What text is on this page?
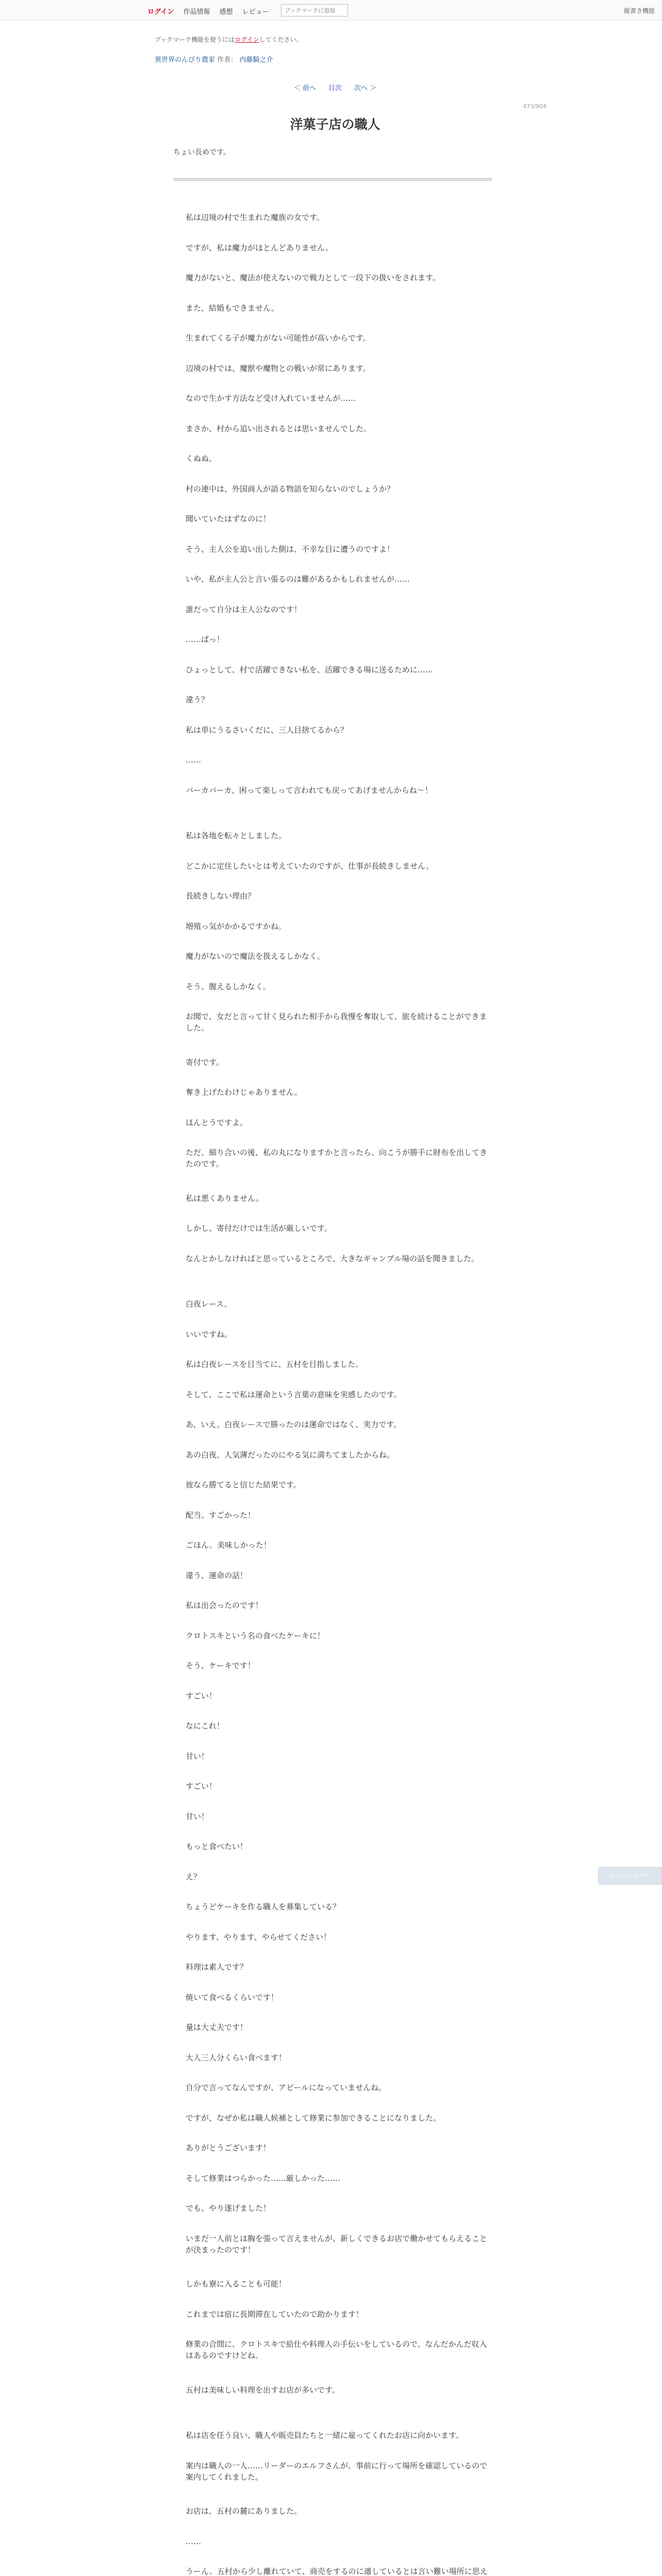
ログイン 作品情報 感想 レビュー
ブックマークに追加	縦書き機能
ブックマーク機能を使うにはログインしてください。
異世界のんびり農家 作者： 内藤騎之介
＜ 前へ 目次 次へ ＞
473/904
洋菓子店の職人
ちょい長めです。

私は辺境の村で生まれた魔族の女です。

ですが、私は魔力がほとんどありません。

魔力がないと、魔法が使えないので戦力として一段下の扱いをされます。

また、結婚もできません。

生まれてくる子が魔力がない可能性が高いからです。

辺境の村では、魔獣や魔物との戦いが常にあります。

なので生かす方法など受け入れていませんが……

まさか、村から追い出されるとは思いませんでした。

くぬぬ。

村の連中は、外国商人が語る物語を知らないのでしょうか？

聞いていたはずなのに！

そう、主人公を追い出した側は、不幸な目に遭うのですよ！

いや、私が主人公と言い張るのは難があるかもしれませんが……

誰だって自分は主人公なのです！

……ぱっ！

ひょっとして、村で活躍できない私を、活躍できる場に送るために……

違う？

私は単にうるさいくだに、三人目捨てるから？

……

バーカバーカ、困って楽しって言われても戻ってあげませんからね～！

私は各地を転々としました。

どこかに定住したいとは考えていたのですが、仕事が長続きしません。

長続きしない理由？

増殖っ気がかかるですかね。

魔力がないので魔法を扱えるしかなく。

そう、腹えるしかなく。

お聞で、女だと言って甘く見られた相手から我慢を奪取して、旅を続けることができました。

寄付です。

奪き上げたわけじゃありません。

ほんとうですよ。

ただ、細り合いの後、私の丸になりますかと言ったら、向こうが勝手に財布を出してきたのです。

私は悪くありません。

しかし、寄付だけでは生活が厳しいです。

なんとかしなければと思っているところで、大きなギャンブル場の話を聞きました。

白夜レース。

いいですね。

私は白夜レースを目当てに、五村を目指しました。

そして、ここで私は運命という言葉の意味を実感したのです。

あ、いえ。白夜レースで勝ったのは運命ではなく、実力です。

あの白夜、人気薄だったのにやる気に満ちてましたからね。

彼なら勝てると信じた結果です。

配当、すごかった！

ごほん。美味しかった！

違う、運命の話！

私は出会ったのです！

クロトスキという名の食べたケーキに！

そう、ケーキです！

すごい！

なにこれ！

甘い！

すごい！

甘い！

もっと食べたい！

え？

ちょうどケーキを作る職人を募集している？

やります、やります、やらせてください！

料理は素人です？

焼いて食べるくらいです！

量は大丈夫です！

大人三人分くらい食べます！

自分で言ってなんですが、アピールになっていませんね。

ですが、なぜか私は職人候補として修業に参加できることになりました。

ありがとうございます！

そして修業はつらかった……厳しかった……

でも、やり遂げました！

いまだ一人前とは胸を張って言えませんが、新しくできるお店で働かせてもらえることが決まったのです！

しかも寮に入ることも可能！

これまでは宿に長期滞在していたので助かります！

修業の合間に、クロトスキで給仕や料理人の手伝いをしているので、なんだかんだ収入はあるのですけどね。

五村は美味しい料理を出すお店が多いです。

私は店を任う良い、職人や販売員たちと一緒に雇ってくれたお店に向かいます。

案内は職人の一人……リーダーのエルフさんが。事前に行って場所を確認しているので案内してくれました。

お店は、五村の麓にありました。

……

うーん。五村から少し離れていて、商売をするのに適しているとは言い難い場所に思え

ページトップへ
